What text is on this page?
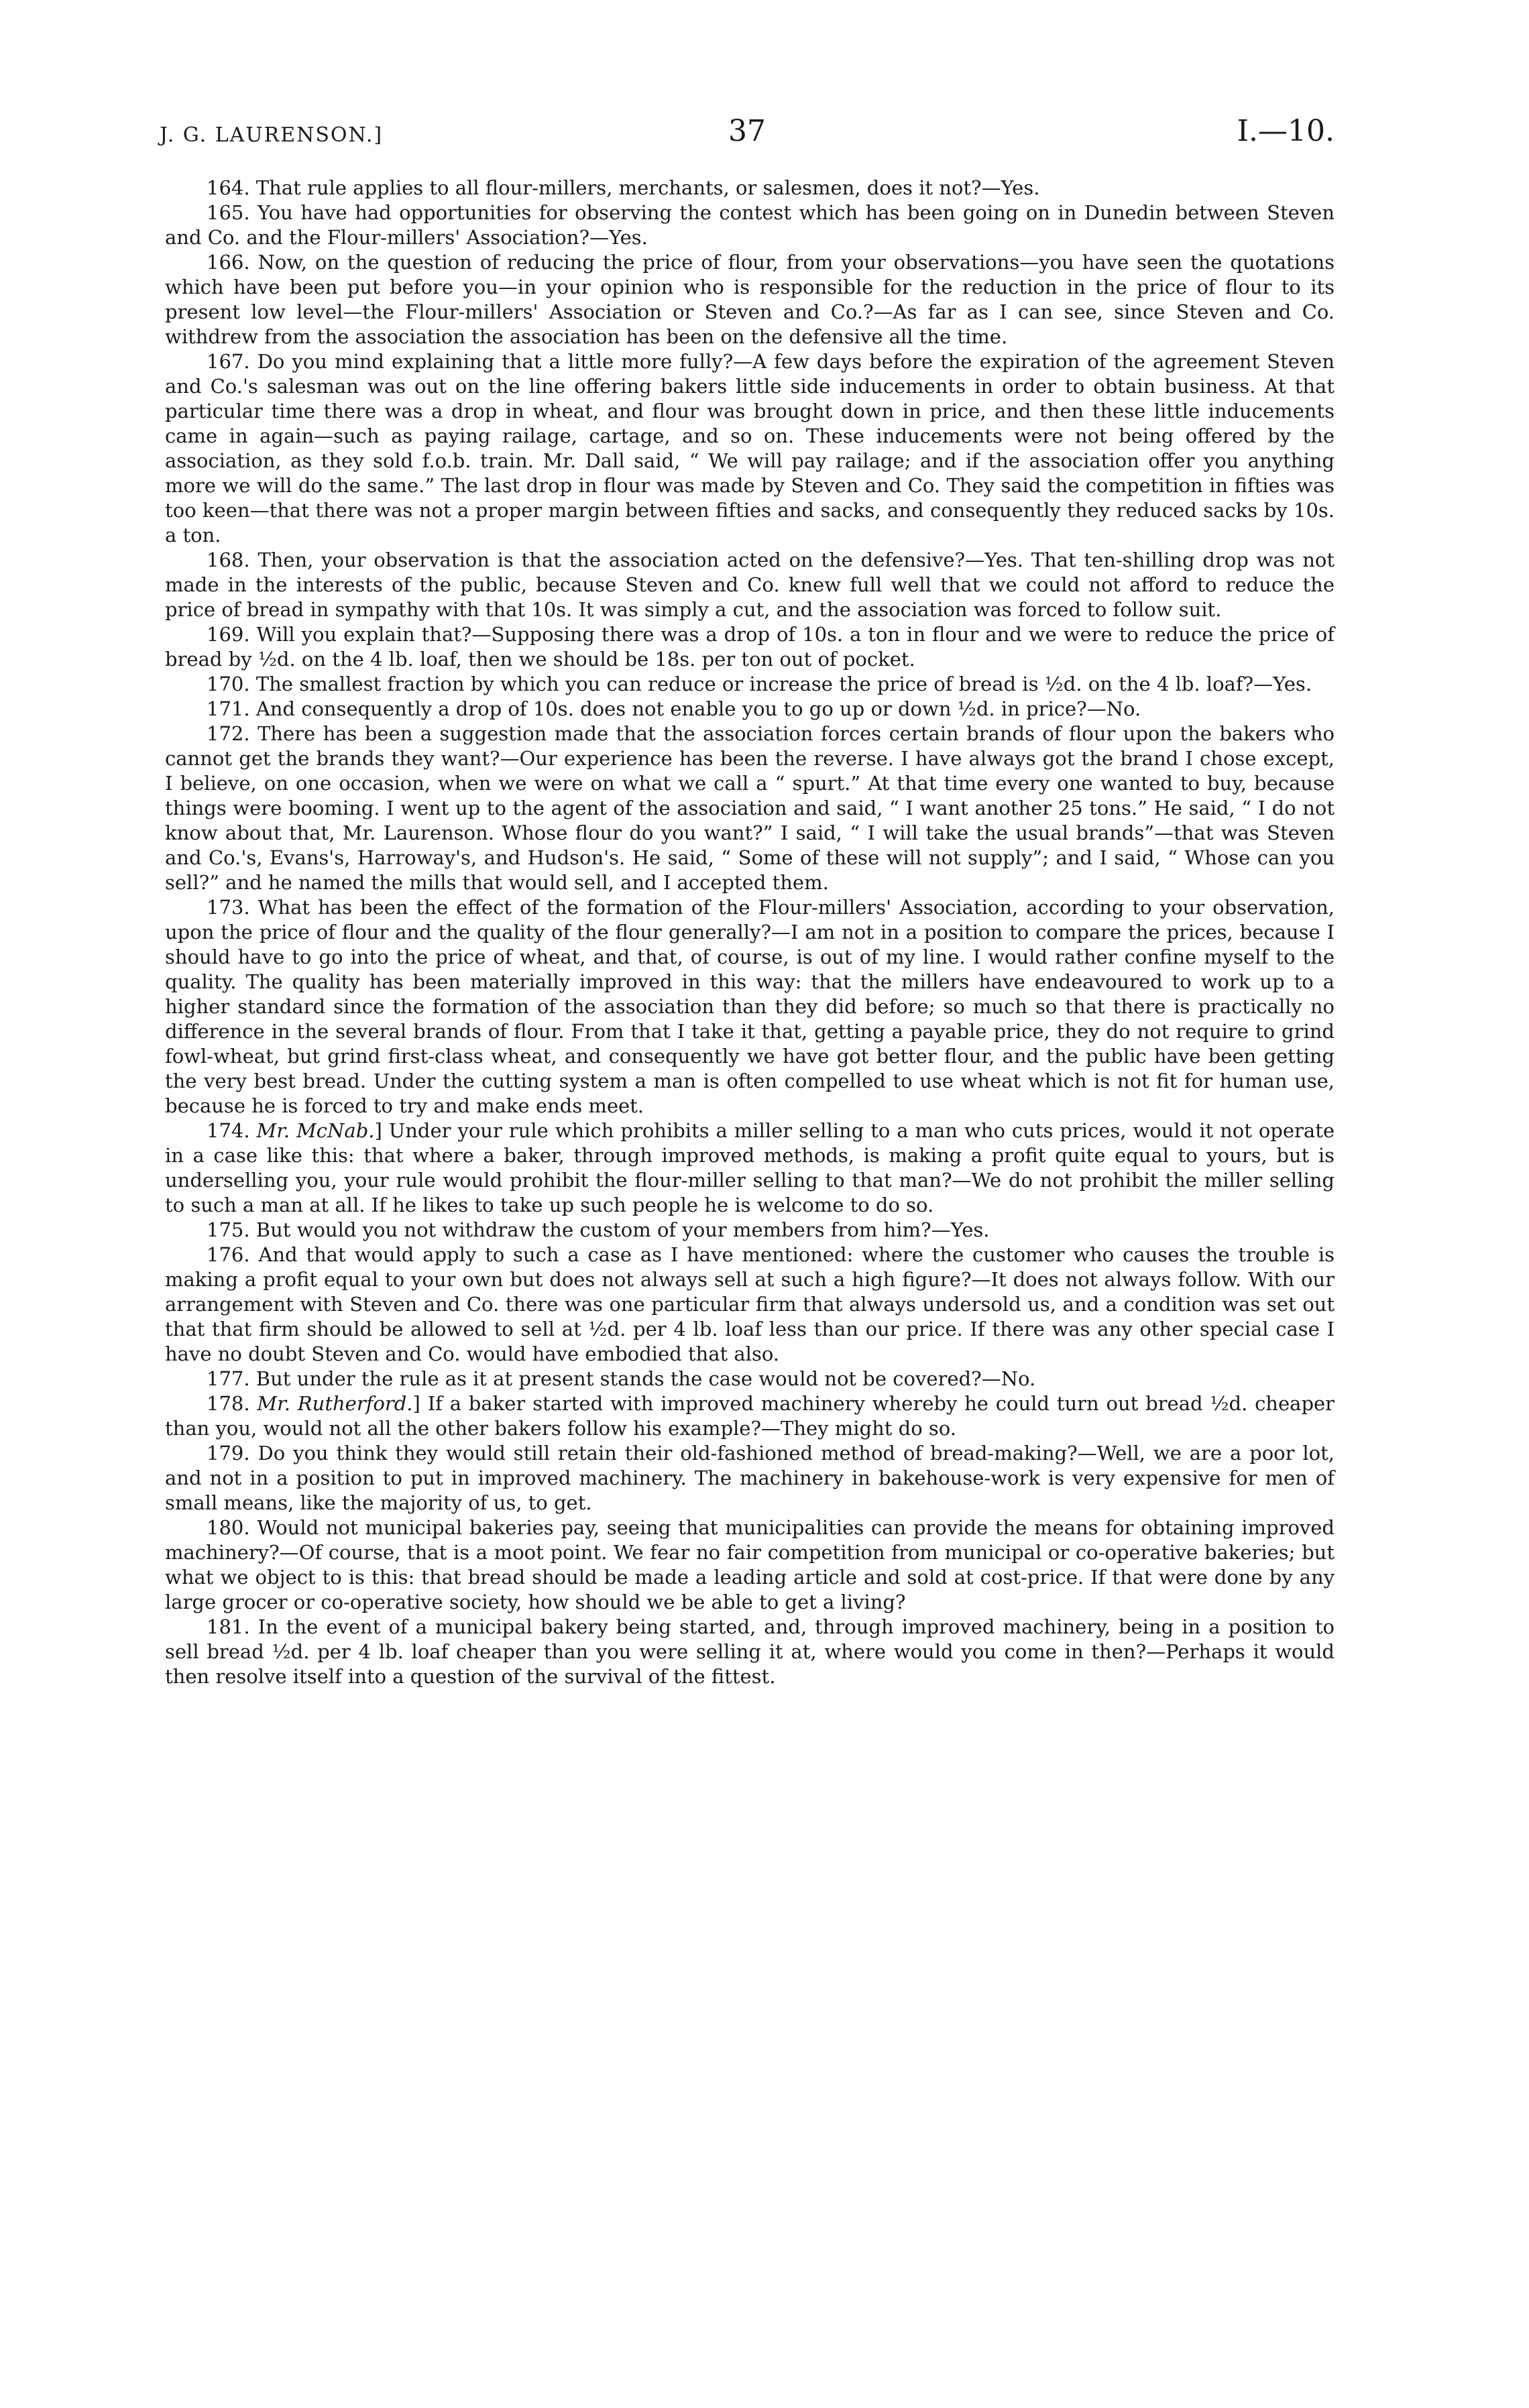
J. G. LAURENSON.]	37	I.—10.

164. That rule applies to all flour-millers, merchants, or salesmen, does it not?—Yes.

165. You have had opportunities for observing the contest which has been going on in Dunedin between Steven and Co. and the Flour-millers' Association?—Yes.

166. Now, on the question of reducing the price of flour, from your observations—you have seen the quotations which have been put before you—in your opinion who is responsible for the reduction in the price of flour to its present low level—the Flour-millers' Association or Steven and Co.?—As far as I can see, since Steven and Co. withdrew from the association the association has been on the defensive all the time.

167. Do you mind explaining that a little more fully?—A few days before the expiration of the agreement Steven and Co.'s salesman was out on the line offering bakers little side inducements in order to obtain business. At that particular time there was a drop in wheat, and flour was brought down in price, and then these little inducements came in again—such as paying railage, cartage, and so on. These inducements were not being offered by the association, as they sold f.o.b. train. Mr. Dall said, “ We will pay railage; and if the association offer you anything more we will do the same.” The last drop in flour was made by Steven and Co. They said the competition in fifties was too keen—that there was not a proper margin between fifties and sacks, and consequently they reduced sacks by 10s. a ton.

168. Then, your observation is that the association acted on the defensive?—Yes. That ten-shilling drop was not made in the interests of the public, because Steven and Co. knew full well that we could not afford to reduce the price of bread in sympathy with that 10s. It was simply a cut, and the association was forced to follow suit.

169. Will you explain that?—Supposing there was a drop of 10s. a ton in flour and we were to reduce the price of bread by ½d. on the 4 lb. loaf, then we should be 18s. per ton out of pocket.

170. The smallest fraction by which you can reduce or increase the price of bread is ½d. on the 4 lb. loaf?—Yes.

171. And consequently a drop of 10s. does not enable you to go up or down ½d. in price?—No.

172. There has been a suggestion made that the association forces certain brands of flour upon the bakers who cannot get the brands they want?—Our experience has been the reverse. I have always got the brand I chose except, I believe, on one occasion, when we were on what we call a “ spurt.” At that time every one wanted to buy, because things were booming. I went up to the agent of the association and said, “ I want another 25 tons.” He said, “ I do not know about that, Mr. Laurenson. Whose flour do you want?” I said, “ I will take the usual brands”—that was Steven and Co.'s, Evans's, Harroway's, and Hudson's. He said, “ Some of these will not supply”; and I said, “ Whose can you sell?” and he named the mills that would sell, and I accepted them.

173. What has been the effect of the formation of the Flour-millers' Association, according to your observation, upon the price of flour and the quality of the flour generally?—I am not in a position to compare the prices, because I should have to go into the price of wheat, and that, of course, is out of my line. I would rather confine myself to the quality. The quality has been materially improved in this way: that the millers have endeavoured to work up to a higher standard since the formation of the association than they did before; so much so that there is practically no difference in the several brands of flour. From that I take it that, getting a payable price, they do not require to grind fowl-wheat, but grind first-class wheat, and consequently we have got better flour, and the public have been getting the very best bread. Under the cutting system a man is often compelled to use wheat which is not fit for human use, because he is forced to try and make ends meet.

174. Mr. McNab.] Under your rule which prohibits a miller selling to a man who cuts prices, would it not operate in a case like this: that where a baker, through improved methods, is making a profit quite equal to yours, but is underselling you, your rule would prohibit the flour-miller selling to that man?—We do not prohibit the miller selling to such a man at all. If he likes to take up such people he is welcome to do so.

175. But would you not withdraw the custom of your members from him?—Yes.

176. And that would apply to such a case as I have mentioned: where the customer who causes the trouble is making a profit equal to your own but does not always sell at such a high figure?—It does not always follow. With our arrangement with Steven and Co. there was one particular firm that always undersold us, and a condition was set out that that firm should be allowed to sell at ½d. per 4 lb. loaf less than our price. If there was any other special case I have no doubt Steven and Co. would have embodied that also.

177. But under the rule as it at present stands the case would not be covered?—No.

178. Mr. Rutherford.] If a baker started with improved machinery whereby he could turn out bread ½d. cheaper than you, would not all the other bakers follow his example?—They might do so.

179. Do you think they would still retain their old-fashioned method of bread-making?—Well, we are a poor lot, and not in a position to put in improved machinery. The machinery in bakehouse-work is very expensive for men of small means, like the majority of us, to get.

180. Would not municipal bakeries pay, seeing that municipalities can provide the means for obtaining improved machinery?—Of course, that is a moot point. We fear no fair competition from municipal or co-operative bakeries; but what we object to is this: that bread should be made a leading article and sold at cost-price. If that were done by any large grocer or co-operative society, how should we be able to get a living?

181. In the event of a municipal bakery being started, and, through improved machinery, being in a position to sell bread ½d. per 4 lb. loaf cheaper than you were selling it at, where would you come in then?—Perhaps it would then resolve itself into a question of the survival of the fittest.
